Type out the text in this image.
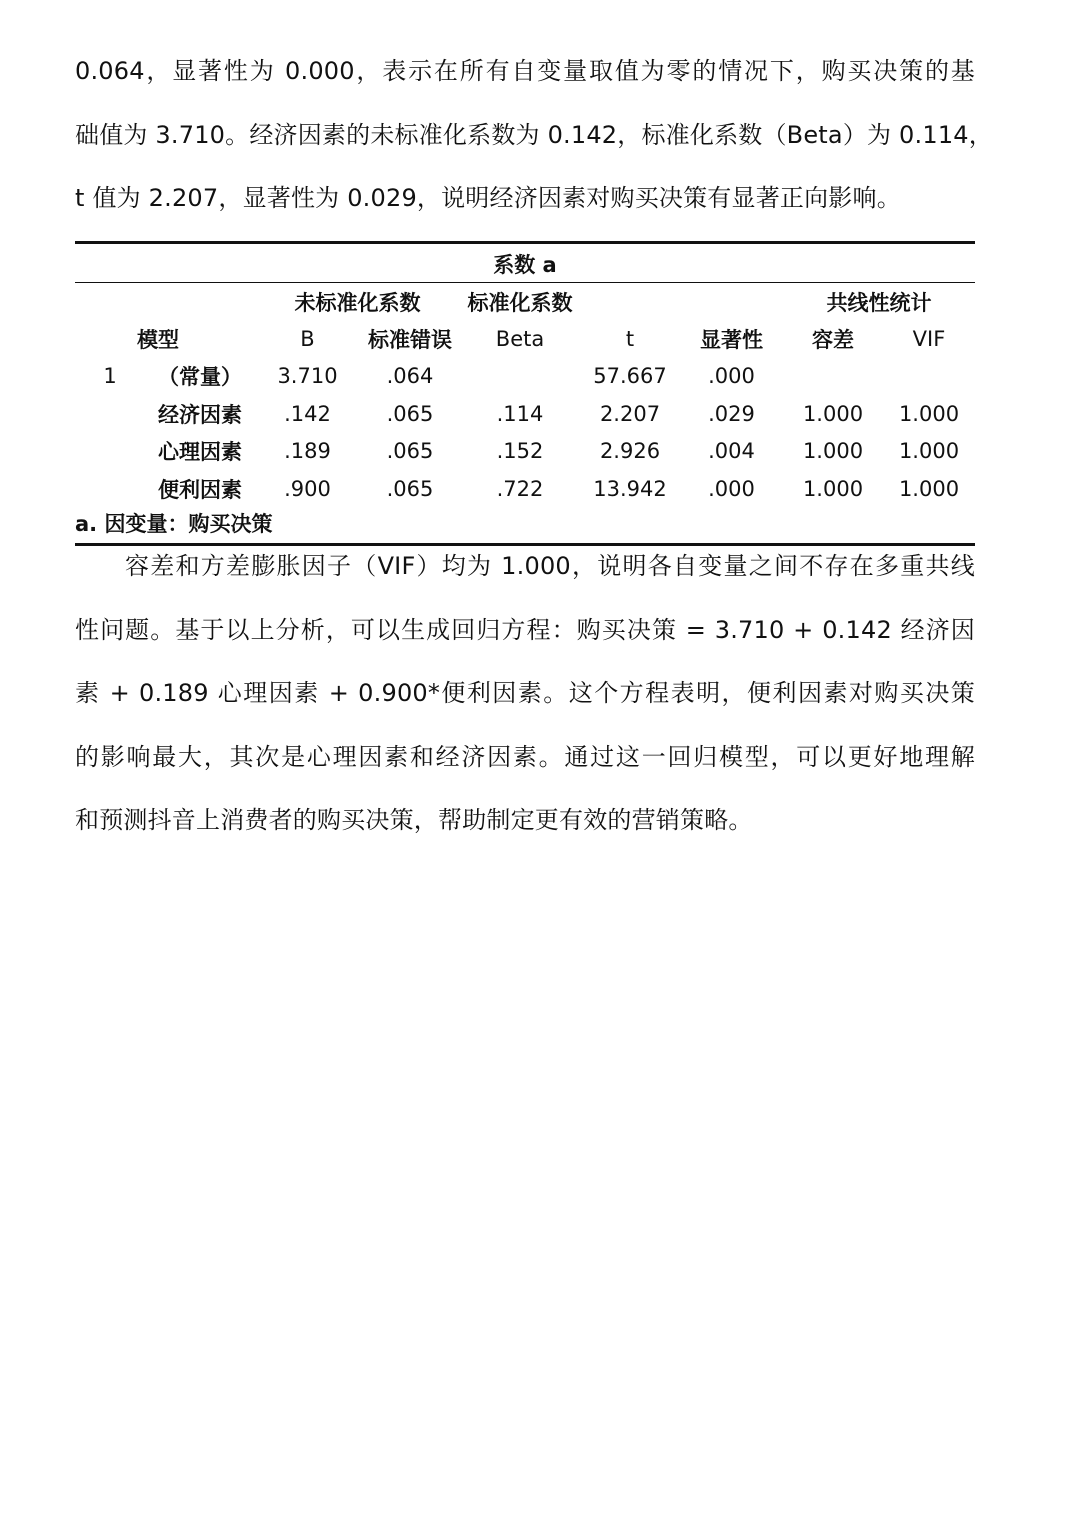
0.064，显著性为 0.000，表示在所有自变量取值为零的情况下，购买决策的基
础值为 3.710。经济因素的未标准化系数为 0.142，标准化系数（Beta）为 0.114，
t 值为 2.207，显著性为 0.029，说明经济因素对购买决策有显著正向影响。
系数 a
		未标准化系数		标准化系数			共线性统计	
模型		B	标准错误	Beta	t	显著性	容差	VIF
1	（常量）	3.710	.064		57.667	.000		
	经济因素	.142	.065	.114	2.207	.029	1.000	1.000
	心理因素	.189	.065	.152	2.926	.004	1.000	1.000
	便利因素	.900	.065	.722	13.942	.000	1.000	1.000
a. 因变量：购买决策
容差和方差膨胀因子（VIF）均为 1.000，说明各自变量之间不存在多重共线
性问题。基于以上分析，可以生成回归方程：购买决策 = 3.710 + 0.142 经济因
素 + 0.189 心理因素 + 0.900*便利因素。这个方程表明，便利因素对购买决策
的影响最大，其次是心理因素和经济因素。通过这一回归模型，可以更好地理解
和预测抖音上消费者的购买决策，帮助制定更有效的营销策略。
